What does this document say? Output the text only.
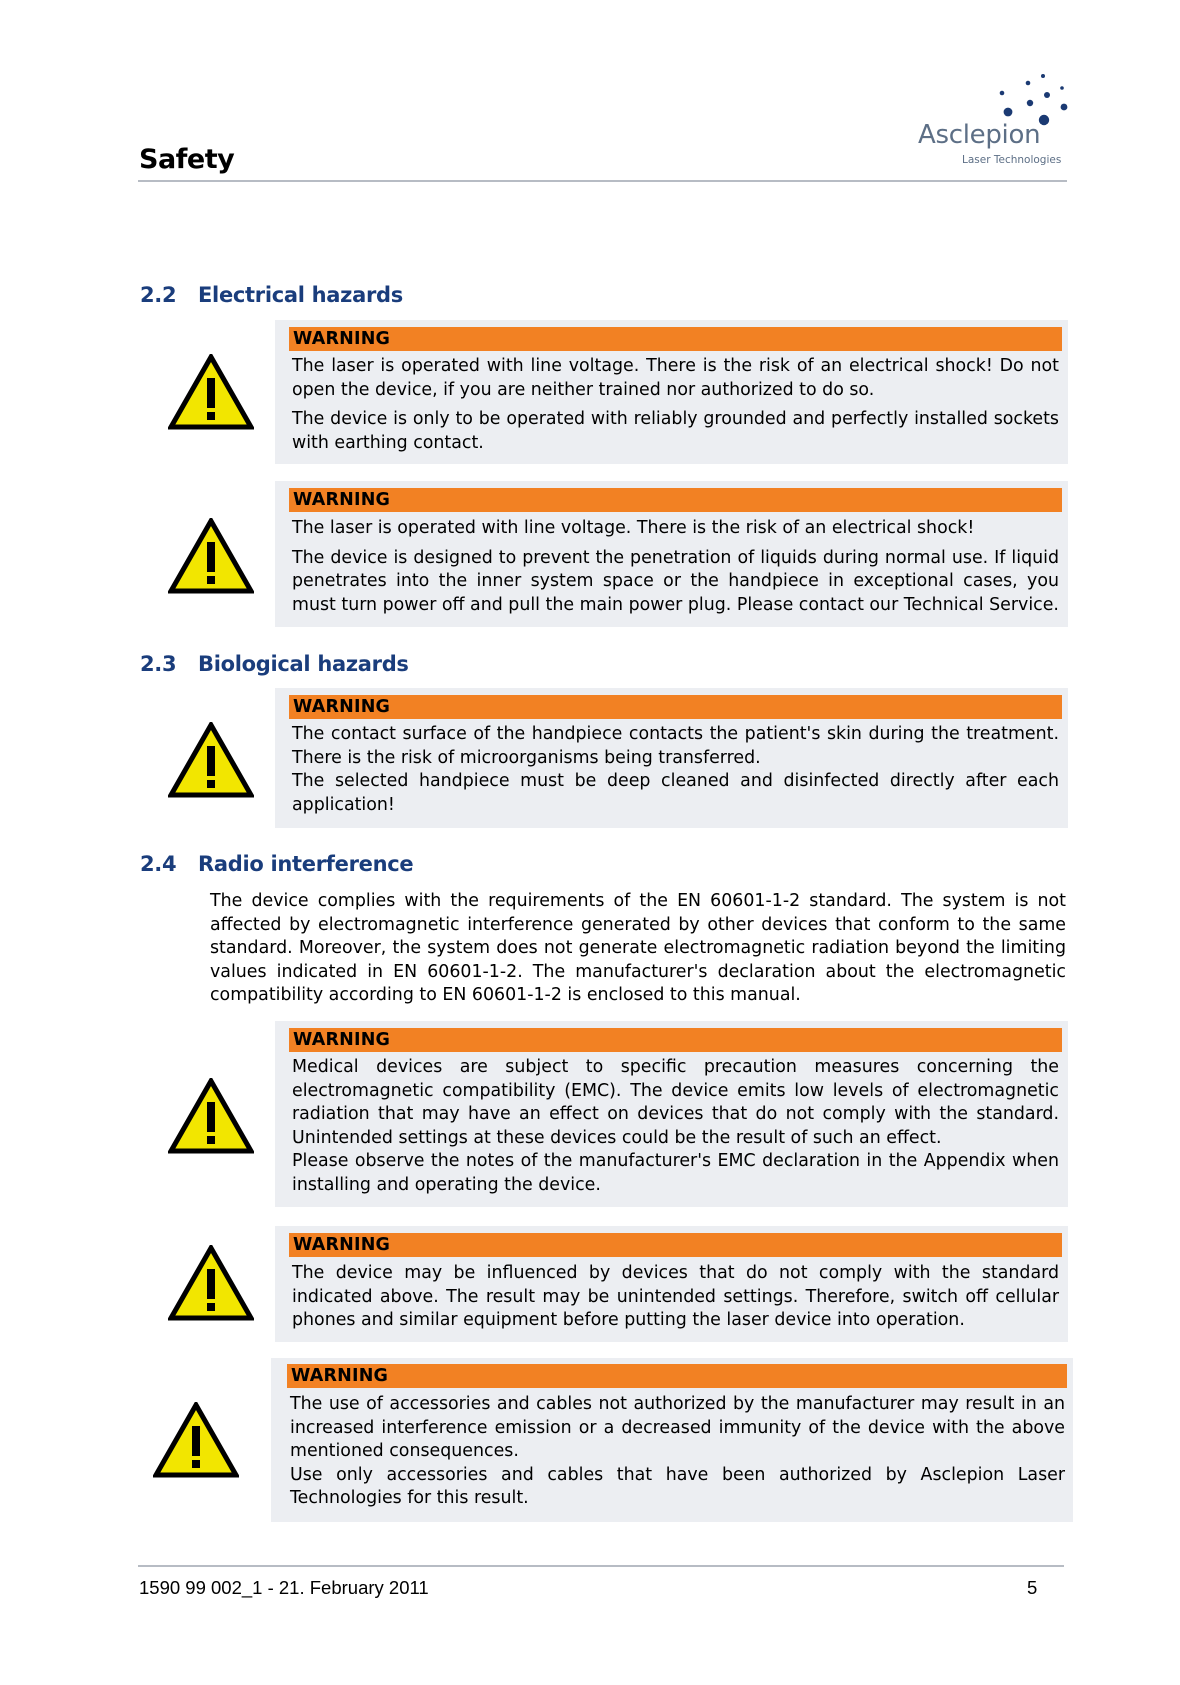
Safety
Asclepion
Laser Technologies
2.2 Electrical hazards
WARNING

The laser is operated with line voltage. There is the risk of an electrical shock! Do not open the device, if you are neither trained nor authorized to do so.

The device is only to be operated with reliably grounded and perfectly installed sockets with earthing contact.

WARNING

The laser is operated with line voltage. There is the risk of an electrical shock!

The device is designed to prevent the penetration of liquids during normal use. If liquid penetrates into the inner system space or the handpiece in exceptional cases, you must turn power off and pull the main power plug. Please contact our Technical Service.

2.3 Biological hazards
WARNING

The contact surface of the handpiece contacts the patient's skin during the treatment. There is the risk of microorganisms being transferred.

The selected handpiece must be deep cleaned and disinfected directly after each application!

2.4 Radio interference
The device complies with the requirements of the EN 60601-1-2 standard. The system is not affected by electromagnetic interference generated by other devices that conform to the same standard. Moreover, the system does not generate electromagnetic radiation beyond the limiting values indicated in EN 60601-1-2. The manufacturer's declaration about the electromagnetic compatibility according to EN 60601-1-2 is enclosed to this manual.
WARNING

Medical devices are subject to specific precaution measures concerning the electromagnetic compatibility (EMC). The device emits low levels of electromagnetic radiation that may have an effect on devices that do not comply with the standard. Unintended settings at these devices could be the result of such an effect.

Please observe the notes of the manufacturer's EMC declaration in the Appendix when installing and operating the device.

WARNING

The device may be influenced by devices that do not comply with the standard indicated above. The result may be unintended settings. Therefore, switch off cellular phones and similar equipment before putting the laser device into operation.

WARNING

The use of accessories and cables not authorized by the manufacturer may result in an increased interference emission or a decreased immunity of the device with the above mentioned consequences.

Use only accessories and cables that have been authorized by Asclepion Laser Technologies for this result.

1590 99 002_1 - 21. February 2011	5
